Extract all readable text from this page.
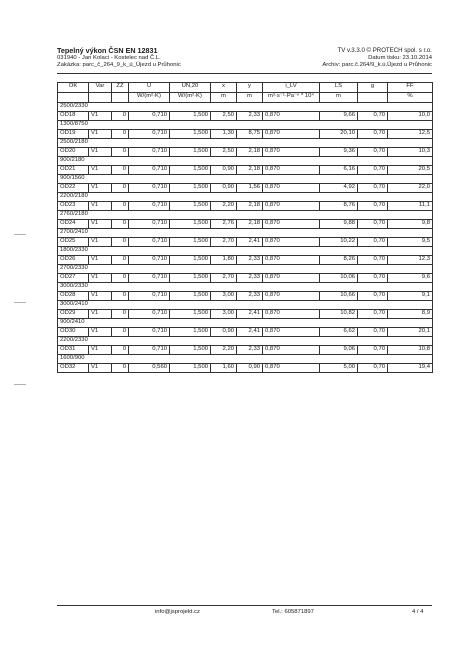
Tepelný výkon ČSN EN 12831
031940 - Jan Kolaci - Kostelec nad Č.L.
Zakázka: parc_č_264_9_k_ú_Újezd u Průhonic
TV v.3.3.0 © PROTECH spol. s r.o.
Datum tisku: 23.10.2014
Archiv: parc.č.264/9_k.ú.Újezd u Průhonic
OK	Var	ZZ	U	UN,20	x	y	i_LV	LS	g	FF
			W/(m²·K)	W/(m²·K)	m	m	m³·s⁻¹·Pa⁻ⁿ * 10⁴	m		%
2500/2330										
OD18	V1	0	0,710	1,500	2,50	2,33	0,870	9,66	0,70	10,0
1300/8750										
OD19	V1	0	0,710	1,500	1,30	8,75	0,870	20,10	0,70	12,5
2500/2180										
OD20	V1	0	0,710	1,500	2,50	2,18	0,870	9,36	0,70	10,3
900/2180										
OD21	V1	0	0,710	1,500	0,90	2,18	0,870	6,16	0,70	20,5
900/1560										
OD22	V1	0	0,710	1,500	0,90	1,56	0,870	4,92	0,70	22,0
2200/2180										
OD23	V1	0	0,710	1,500	2,20	2,18	0,870	8,76	0,70	11,1
2760/2180										
OD24	V1	0	0,710	1,500	2,76	2,18	0,870	9,88	0,70	9,8
2700/2410										
OD25	V1	0	0,710	1,500	2,70	2,41	0,870	10,22	0,70	9,5
1800/2330										
OD26	V1	0	0,710	1,500	1,80	2,33	0,870	8,26	0,70	12,3
2700/2330										
OD27	V1	0	0,710	1,500	2,70	2,33	0,870	10,06	0,70	9,6
3000/2330										
OD28	V1	0	0,710	1,500	3,00	2,33	0,870	10,66	0,70	9,1
3000/2410										
OD29	V1	0	0,710	1,500	3,00	2,41	0,870	10,82	0,70	8,9
900/2410										
OD30	V1	0	0,710	1,500	0,90	2,41	0,870	6,62	0,70	20,1
2200/2330										
OD31	V1	0	0,710	1,500	2,20	2,33	0,870	9,06	0,70	10,8
1600/900										
OD32	V1	0	0,560	1,500	1,60	0,90	0,870	5,00	0,70	19,4
info@jsprojekt.cz	Tel.: 605871897	4 / 4
